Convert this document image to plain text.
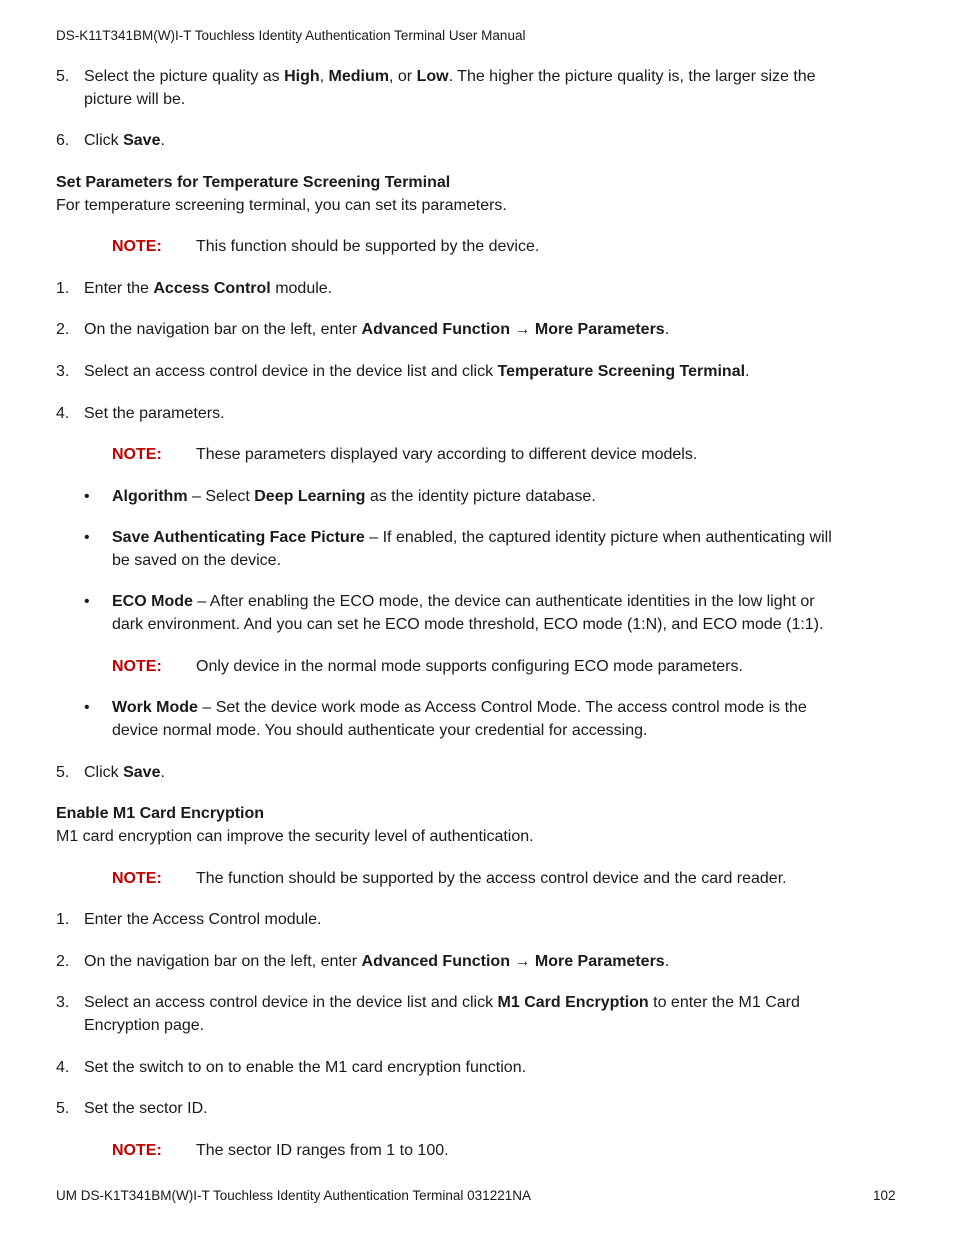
DS-K11T341BM(W)I-T Touchless Identity Authentication Terminal User Manual
5. Select the picture quality as High, Medium, or Low. The higher the picture quality is, the larger size the
picture will be.
6. Click Save.
Set Parameters for Temperature Screening Terminal
For temperature screening terminal, you can set its parameters.
NOTE: This function should be supported by the device.
1. Enter the Access Control module.
2. On the navigation bar on the left, enter Advanced Function → More Parameters.
3. Select an access control device in the device list and click Temperature Screening Terminal.
4. Set the parameters.
NOTE: These parameters displayed vary according to different device models.
• Algorithm – Select Deep Learning as the identity picture database.
• Save Authenticating Face Picture – If enabled, the captured identity picture when authenticating will
be saved on the device.
• ECO Mode – After enabling the ECO mode, the device can authenticate identities in the low light or
dark environment. And you can set he ECO mode threshold, ECO mode (1:N), and ECO mode (1:1).
NOTE: Only device in the normal mode supports configuring ECO mode parameters.
• Work Mode – Set the device work mode as Access Control Mode. The access control mode is the
device normal mode. You should authenticate your credential for accessing.
5. Click Save.
Enable M1 Card Encryption
M1 card encryption can improve the security level of authentication.
NOTE: The function should be supported by the access control device and the card reader.
1. Enter the Access Control module.
2. On the navigation bar on the left, enter Advanced Function → More Parameters.
3. Select an access control device in the device list and click M1 Card Encryption to enter the M1 Card
Encryption page.
4. Set the switch to on to enable the M1 card encryption function.
5. Set the sector ID.
NOTE: The sector ID ranges from 1 to 100.
UM DS-K1T341BM(W)I-T Touchless Identity Authentication Terminal 031221NA	102
